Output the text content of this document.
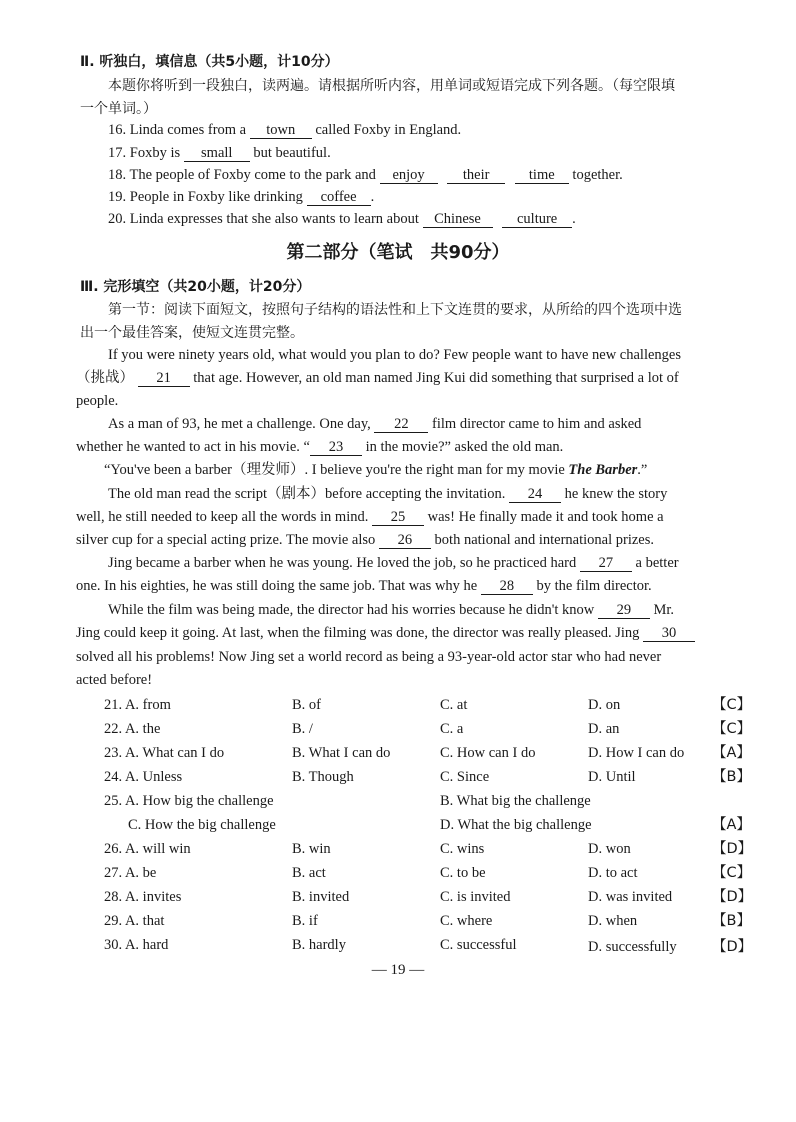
Ⅱ. 听独白，填信息（共5小题，计10分）
本题你将听到一段独白，读两遍。请根据所听内容，用单词或短语完成下列各题。（每空限填
一个单词。）
16. Linda comes from a town called Foxby in England.
17. Foxby is small but beautiful.
18. The people of Foxby come to the park and enjoy	their	time together.
19. People in Foxby like drinking coffee .
20. Linda expresses that she also wants to learn about Chinese culture .
第二部分（笔试　共90分）
Ⅲ. 完形填空（共20小题，计20分）
第一节：阅读下面短文，按照句子结构的语法性和上下文连贯的要求，从所给的四个选项中选
出一个最佳答案，使短文连贯完整。
If you were ninety years old, what would you plan to do? Few people want to have new challenges
（挑战） 21 that age. However, an old man named Jing Kui did something that surprised a lot of
people.
As a man of 93, he met a challenge. One day, 22 film director came to him and asked
whether he wanted to act in his movie. “ 23 in the movie?” asked the old man.
“You've been a barber（理发师）. I believe you're the right man for my movie The Barber.”
The old man read the script（剧本）before accepting the invitation. 24 he knew the story
well, he still needed to keep all the words in mind. 25 was! He finally made it and took home a
silver cup for a special acting prize. The movie also 26 both national and international prizes.
Jing became a barber when he was young. He loved the job, so he practiced hard 27 a better
one. In his eighties, he was still doing the same job. That was why he 28 by the film director.
While the film was being made, the director had his worries because he didn't know 29 Mr.
Jing could keep it going. At last, when the filming was done, the director was really pleased. Jing 30
solved all his problems! Now Jing set a world record as being a 93-year-old actor star who had never
acted before!
21. A. from	B. of	C. at	D. on	【C】
22. A. the	B. /	C. a	D. an	【C】
23. A. What can I do	B. What I can do	C. How can I do	D. How I can do 【A】
24. A. Unless	B. Though	C. Since	D. Until	【B】
25. A. How big the challenge	B. What big the challenge
C. How the big challenge	D. What the big challenge	【A】
26. A. will win	B. win	C. wins	D. won	【D】
27. A. be	B. act	C. to be	D. to act	【C】
28. A. invites	B. invited	C. is invited	D. was invited	【D】
29. A. that	B. if	C. where	D. when	【B】
30. A. hard	B. hardly	C. successful	D. successfully 【D】
— 19 —
